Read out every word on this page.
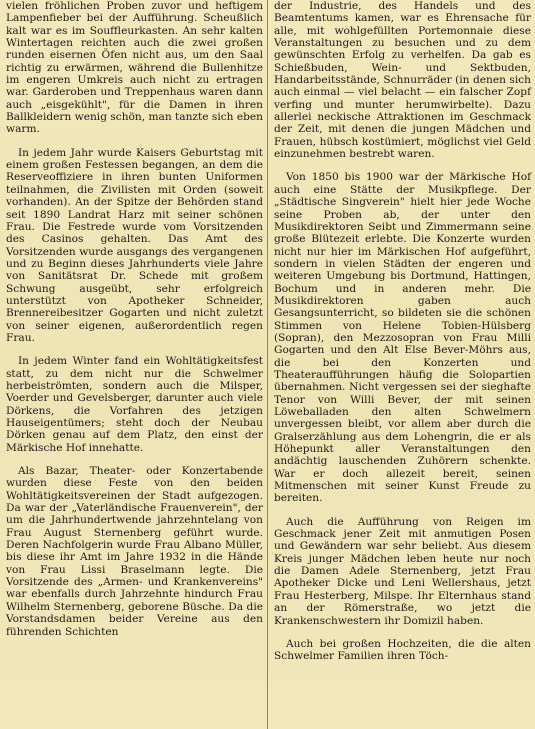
vielen fröhlichen Proben zuvor und heftigem Lampenfieber bei der Aufführung. Scheußlich kalt war es im Souffleurkasten. An sehr kalten Wintertagen reichten auch die zwei großen runden eisernen Öfen nicht aus, um den Saal richtig zu erwärmen, während die Bullenhitze im engeren Umkreis auch nicht zu ertragen war. Garderoben und Treppenhaus waren dann auch „eisgekühlt", für die Damen in ihren Ballkleidern wenig schön, man tanzte sich eben warm.

In jedem Jahr wurde Kaisers Geburtstag mit einem großen Festessen begangen, an dem die Reserveoffiziere in ihren bunten Uniformen teilnahmen, die Zivilisten mit Orden (soweit vorhanden). An der Spitze der Behörden stand seit 1890 Landrat Harz mit seiner schönen Frau. Die Festrede wurde vom Vorsitzenden des Casinos gehalten. Das Amt des Vorsitzenden wurde ausgangs des vergangenen und zu Beginn dieses Jahrhunderts viele Jahre von Sanitätsrat Dr. Schede mit großem Schwung ausgeübt, sehr erfolgreich unterstützt von Apotheker Schneider, Brennereibesitzer Gogarten und nicht zuletzt von seiner eigenen, außerordentlich regen Frau.

In jedem Winter fand ein Wohltätigkeitsfest statt, zu dem nicht nur die Schwelmer herbeiströmten, sondern auch die Milsper, Voerder und Gevelsberger, darunter auch viele Dörkens, die Vorfahren des jetzigen Hauseigentümers; steht doch der Neubau Dörken genau auf dem Platz, den einst der Märkische Hof innehatte.

Als Bazar, Theater- oder Konzertabende wurden diese Feste von den beiden Wohltätigkeitsvereinen der Stadt aufgezogen. Da war der „Vaterländische Frauenverein", der um die Jahrhundertwende jahrzehntelang von Frau August Sternenberg geführt wurde. Deren Nachfolgerin wurde Frau Albano Müller, bis diese ihr Amt im Jahre 1932 in die Hände von Frau Lissi Braselmann legte. Die Vorsitzende des „Armen- und Krankenvereins" war ebenfalls durch Jahrzehnte hindurch Frau Wilhelm Sternenberg, geborene Büsche. Da die Vorstandsdamen beider Vereine aus den führenden Schichten

der Industrie, des Handels und des Beamtentums kamen, war es Ehrensache für alle, mit wohlgefüllten Portemonnaie diese Veranstaltungen zu besuchen und zu dem gewünschten Erfolg zu verhelfen. Da gab es Schießbuden, Wein- und Sektbuden, Handarbeitsstände, Schnurräder (in denen sich auch einmal — viel belacht — ein falscher Zopf verfing und munter herumwirbelte). Dazu allerlei neckische Attraktionen im Geschmack der Zeit, mit denen die jungen Mädchen und Frauen, hübsch kostümiert, möglichst viel Geld einzunehmen bestrebt waren.

Von 1850 bis 1900 war der Märkische Hof auch eine Stätte der Musikpflege. Der „Städtische Singverein" hielt hier jede Woche seine Proben ab, der unter den Musikdirektoren Seibt und Zimmermann seine große Blütezeit erlebte. Die Konzerte wurden nicht nur hier im Märkischen Hof aufgeführt, sondern in vielen Städten der engeren und weiteren Umgebung bis Dortmund, Hattingen, Bochum und in anderen mehr. Die Musikdirektoren gaben auch Gesangsunterricht, so bildeten sie die schönen Stimmen von Helene Tobien-Hülsberg (Sopran), den Mezzosopran von Frau Milli Gogarten und den Alt Else Bever-Möhrs aus, die bei den Konzerten und Theateraufführungen häufig die Solopartien übernahmen. Nicht vergessen sei der sieghafte Tenor von Willi Bever, der mit seinen Löweballaden den alten Schwelmern unvergessen bleibt, vor allem aber durch die Gralserzählung aus dem Lohengrin, die er als Höhepunkt aller Veranstaltungen den andächtig lauschenden Zuhörern schenkte. War er doch allezeit bereit, seinen Mitmenschen mit seiner Kunst Freude zu bereiten.

Auch die Aufführung von Reigen im Geschmack jener Zeit mit anmutigen Posen und Gewändern war sehr beliebt. Aus diesem Kreis junger Mädchen leben heute nur noch die Damen Adele Sternenberg, jetzt Frau Apotheker Dicke und Leni Wellershaus, jetzt Frau Hesterberg, Milspe. Ihr Elternhaus stand an der Römerstraße, wo jetzt die Krankenschwestern ihr Domizil haben.

Auch bei großen Hochzeiten, die die alten Schwelmer Familien ihren Töch-
